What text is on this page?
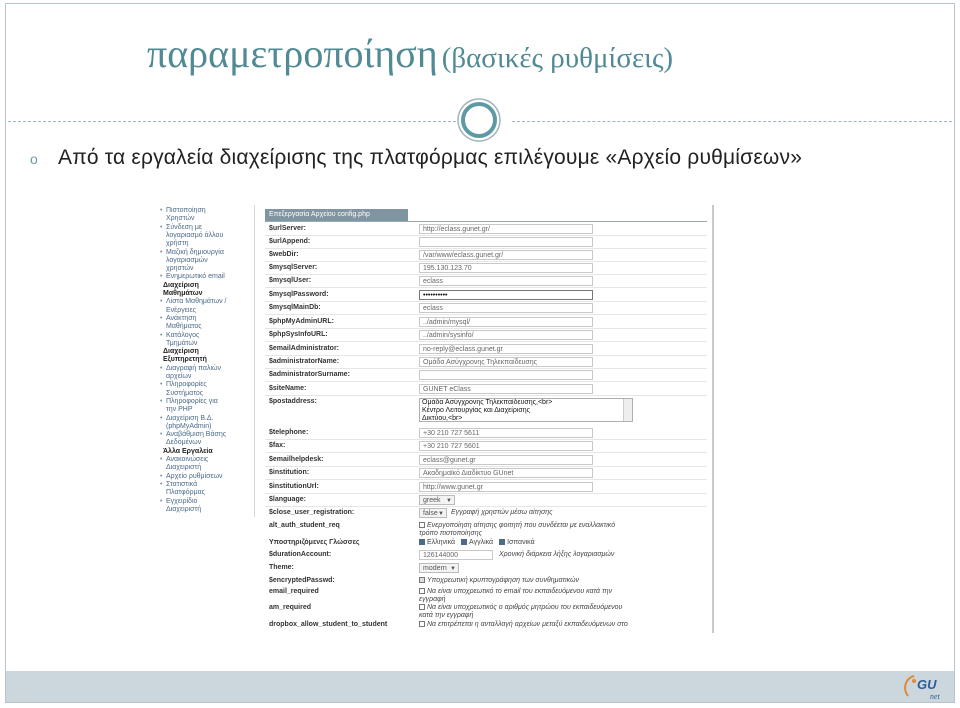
παραμετροποίηση (βασικές ρυθμίσεις)
o Από τα εργαλεία διαχείρισης της πλατφόρμας επιλέγουμε «Αρχείο ρυθμίσεων»
• Πιστοποίηση
Χρηστών
• Σύνδεση με
λογαριασμό άλλου
χρήστη
• Μαζική δημιουργία
λογαριασμών
χρηστών
• Ενημερωτικό email
Διαχείριση
Μαθημάτων
• Λίστα Μαθημάτων /
Ενέργειες
• Ανάκτηση
Μαθήματος
• Κατάλογος
Τμημάτων
Διαχείριση
Εξυπηρετητή
• Διαγραφή παλιών
αρχείων
• Πληροφορίες
Συστήματος
• Πληροφορίες για
την PHP
• Διαχείριση Β.Δ.
(phpMyAdmin)
• Αναβάθμιση Βάσης
Δεδομένων
Άλλα Εργαλεία
• Ανακοινώσεις
Διαχειριστή
• Αρχείο ρυθμίσεων
• Στατιστικά
Πλατφόρμας
• Εγχειρίδιο
Διαχειριστή
Επεξεργασία Αρχείου config.php
$urlServer:	http://eclass.gunet.gr/
$urlAppend:
$webDir:	/var/www/eclass.gunet.gr/
$mysqlServer:	195.130.123.70
$mysqlUser:	eclass
$mysqlPassword:	••••••••••
$mysqlMainDb:	eclass
$phpMyAdminURL:	../admin/mysql/
$phpSysInfoURL:	../admin/sysinfo/
$emailAdministrator:	no-reply@eclass.gunet.gr
$administratorName:	Ομάδα Ασύγχρονης Τηλεκπαίδευσης
$administratorSurname:
$siteName:	GUNET eClass
$postaddress:	Ομάδα Ασύγχρονης Τηλεκπαίδευσης,<br>
Κέντρο Λειτουργίας και Διαχείρισης
Δικτύου,<br>
$telephone:	+30 210 727 5611
$fax:	+30 210 727 5601
$emailhelpdesk:	eclass@gunet.gr
$institution:	Ακαδημαϊκό Διαδίκτυο GUnet
$institutionUrl:	http://www.gunet.gr
$language:	greek ▼
$close_user_registration:	false ▼ Εγγραφή χρηστών μέσω αίτησης
alt_auth_student_req	Ενεργοποίηση αίτησης φοιτητή που συνδέεται με εναλλακτικό
τρόπο πιστοποίησης
Υποστηριζόμενες Γλώσσες	Ελληνικά Αγγλικά Ισπανικά
$durationAccount:	126144000	Χρονική διάρκεια λήξης λογαριασμών
Theme:	modern ▼
$encryptedPasswd:	Υποχρεωτική κρυπτογράφηση των συνθηματικών
email_required	Να είναι υποχρεωτικό το email του εκπαιδευόμενου κατά την
εγγραφή
am_required	Να είναι υποχρεωτικός ο αριθμός μητρώου του εκπαιδευόμενου
κατά την εγγραφή
dropbox_allow_student_to_student	Να επιτρέπεται η ανταλλαγή αρχείων μεταξύ εκπαιδευόμενων στο
GU
net
